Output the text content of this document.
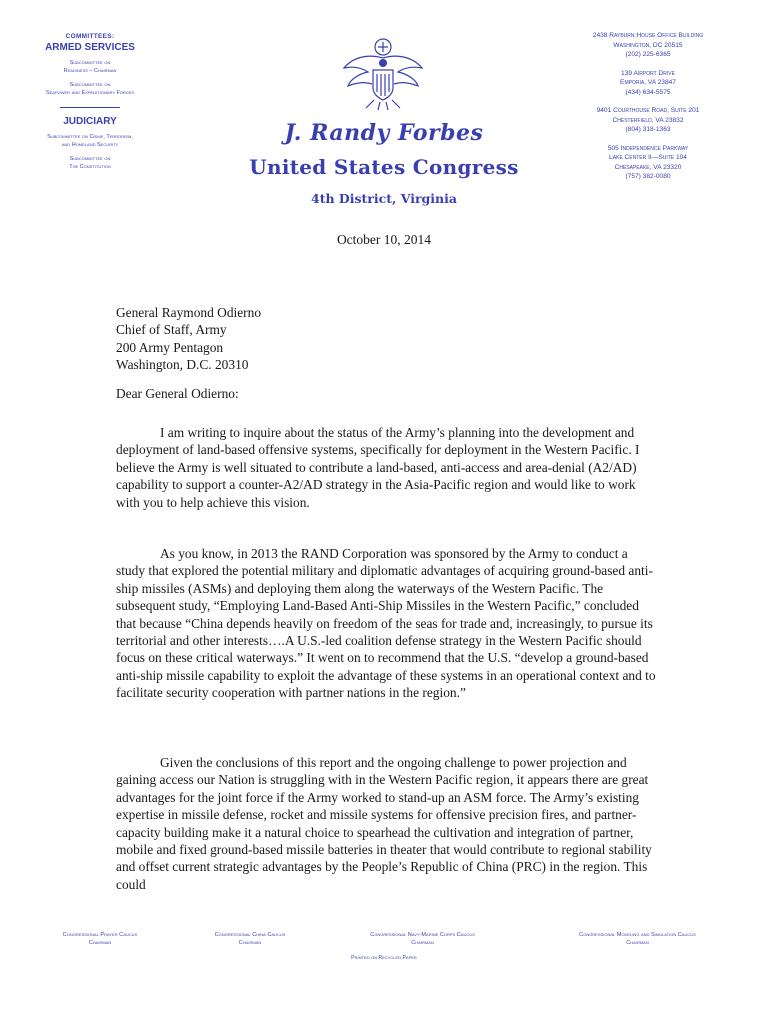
COMMITTEES:
ARMED SERVICES
Subcommittee on
Readiness – Chairman
Subcommittee on
Seapower and Expeditionary Forces
JUDICIARY
Subcommittee on Crime, Terrorism,
and Homeland Security
Subcommittee on
The Constitution
J. Randy Forbes
United States Congress
4th District, Virginia
2438 Rayburn House Office Building
Washington, DC 20515
(202) 225-6365
139 Airport Drive
Emporia, VA 23847
(434) 634-5575
9401 Courthouse Road, Suite 201
Chesterfield, VA 23832
(804) 318-1363
505 Independence Parkway
Lake Center II—Suite 104
Chesapeake, VA 23320
(757) 382-0080
October 10, 2014
General Raymond Odierno
Chief of Staff, Army
200 Army Pentagon
Washington, D.C. 20310
Dear General Odierno:
I am writing to inquire about the status of the Army’s planning into the development and deployment of land-based offensive systems, specifically for deployment in the Western Pacific. I believe the Army is well situated to contribute a land-based, anti-access and area-denial (A2/AD) capability to support a counter-A2/AD strategy in the Asia-Pacific region and would like to work with you to help achieve this vision.
As you know, in 2013 the RAND Corporation was sponsored by the Army to conduct a study that explored the potential military and diplomatic advantages of acquiring ground-based anti-ship missiles (ASMs) and deploying them along the waterways of the Western Pacific. The subsequent study, “Employing Land-Based Anti-Ship Missiles in the Western Pacific,” concluded that because “China depends heavily on freedom of the seas for trade and, increasingly, to pursue its territorial and other interests….A U.S.-led coalition defense strategy in the Western Pacific should focus on these critical waterways.” It went on to recommend that the U.S. “develop a ground-based anti-ship missile capability to exploit the advantage of these systems in an operational context and to facilitate security cooperation with partner nations in the region.”
Given the conclusions of this report and the ongoing challenge to power projection and gaining access our Nation is struggling with in the Western Pacific region, it appears there are great advantages for the joint force if the Army worked to stand-up an ASM force. The Army’s existing expertise in missile defense, rocket and missile systems for offensive precision fires, and partner-capacity building make it a natural choice to spearhead the cultivation and integration of partner, mobile and fixed ground-based missile batteries in theater that would contribute to regional stability and offset current strategic advantages by the People’s Republic of China (PRC) in the region. This could
Congressional Prayer Caucus
Chairman
Congressional China Caucus
Chairman
Congressional Navy-Marine Corps Caucus
Chairman
Congressional Modeling and Simulation Caucus
Chairman
Printed on Recycled Paper
